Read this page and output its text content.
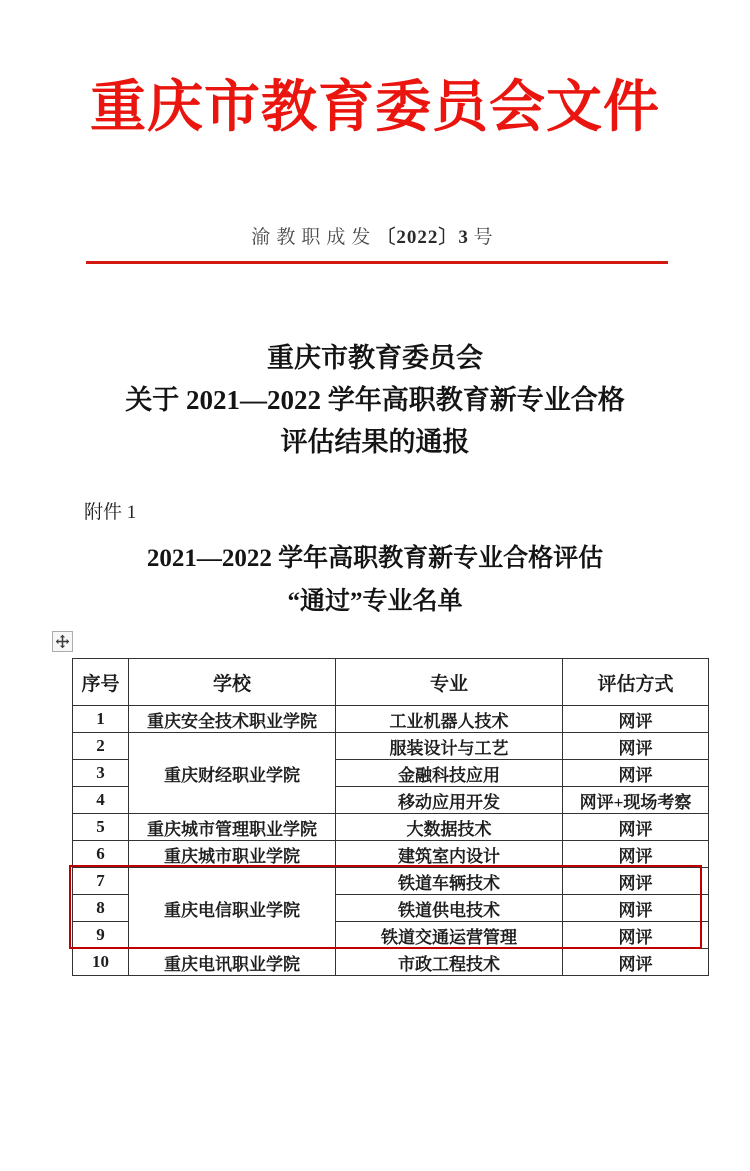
重庆市教育委员会文件
渝教职成发〔2022〕3 号
重庆市教育委员会
关于 2021—2022 学年高职教育新专业合格
评估结果的通报
附件 1
2021—2022 学年高职教育新专业合格评估
“通过”专业名单
序号	学校	专业	评估方式
1	重庆安全技术职业学院	工业机器人技术	网评
2	重庆财经职业学院	服装设计与工艺	网评
3		金融科技应用	网评
4		移动应用开发	网评+现场考察
5	重庆城市管理职业学院	大数据技术	网评
6	重庆城市职业学院	建筑室内设计	网评
7	重庆电信职业学院	铁道车辆技术	网评
8		铁道供电技术	网评
9		铁道交通运营管理	网评
10	重庆电讯职业学院	市政工程技术	网评
